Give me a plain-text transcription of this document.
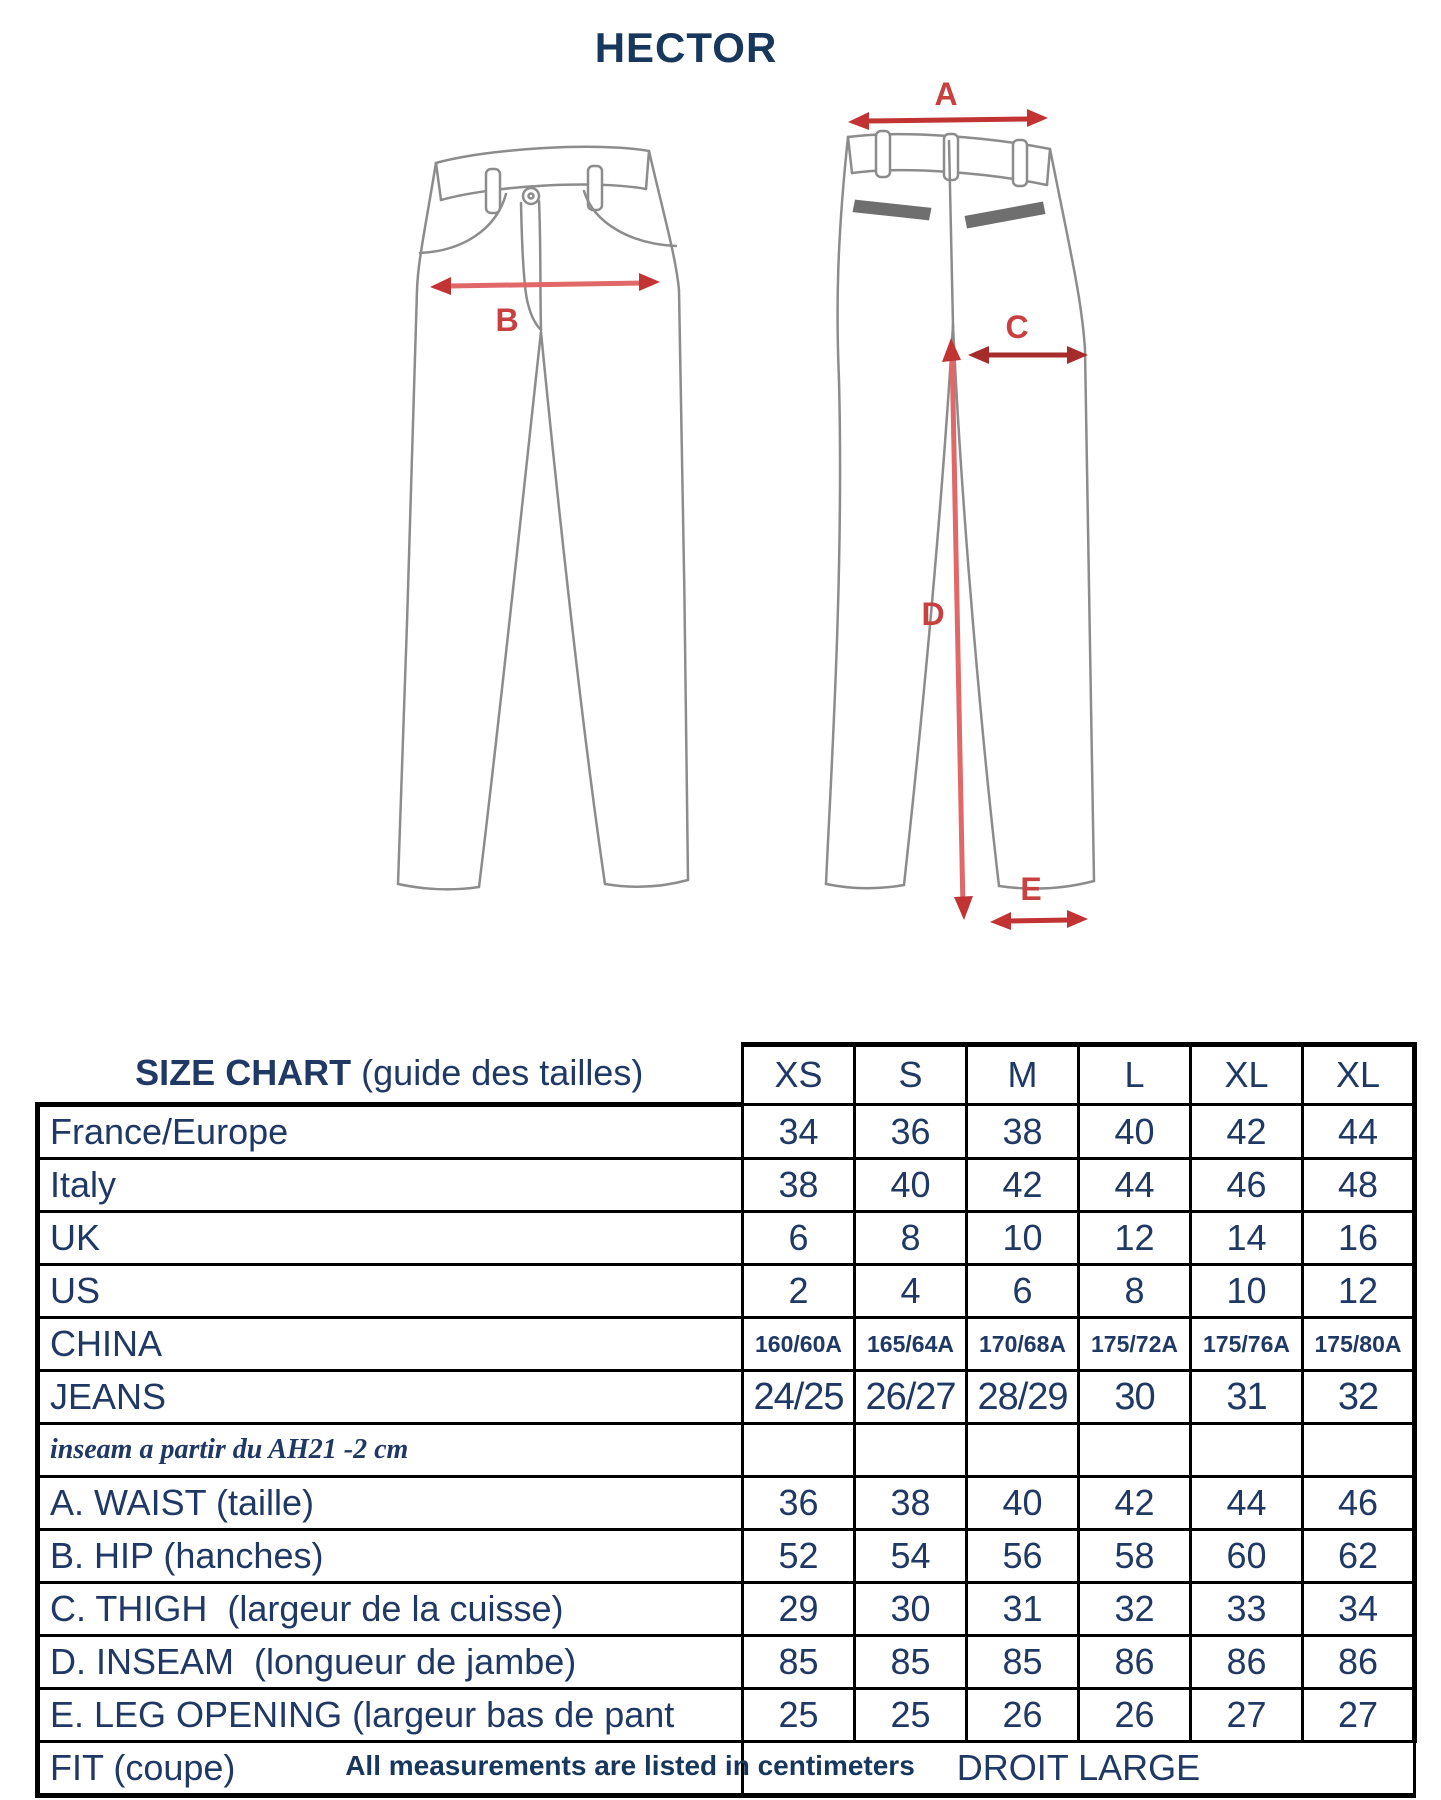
HECTOR
B
A
C
D
E
SIZE CHART (guide des tailles)	XS	S	M	L	XL	XL
France/Europe	34	36	38	40	42	44
Italy	38	40	42	44	46	48
UK	6	8	10	12	14	16
US	2	4	6	8	10	12
CHINA	160/60A	165/64A	170/68A	175/72A	175/76A	175/80A
JEANS	24/25	26/27	28/29	30	31	32
inseam a partir du AH21 -2 cm						
A. WAIST (taille)	36	38	40	42	44	46
B. HIP (hanches)	52	54	56	58	60	62
C. THIGH  (largeur de la cuisse)	29	30	31	32	33	34
D. INSEAM  (longueur de jambe)	85	85	85	86	86	86
E. LEG OPENING (largeur bas de pant	25	25	26	26	27	27
FIT (coupe)	DROIT LARGE					
All measurements are listed in centimeters
